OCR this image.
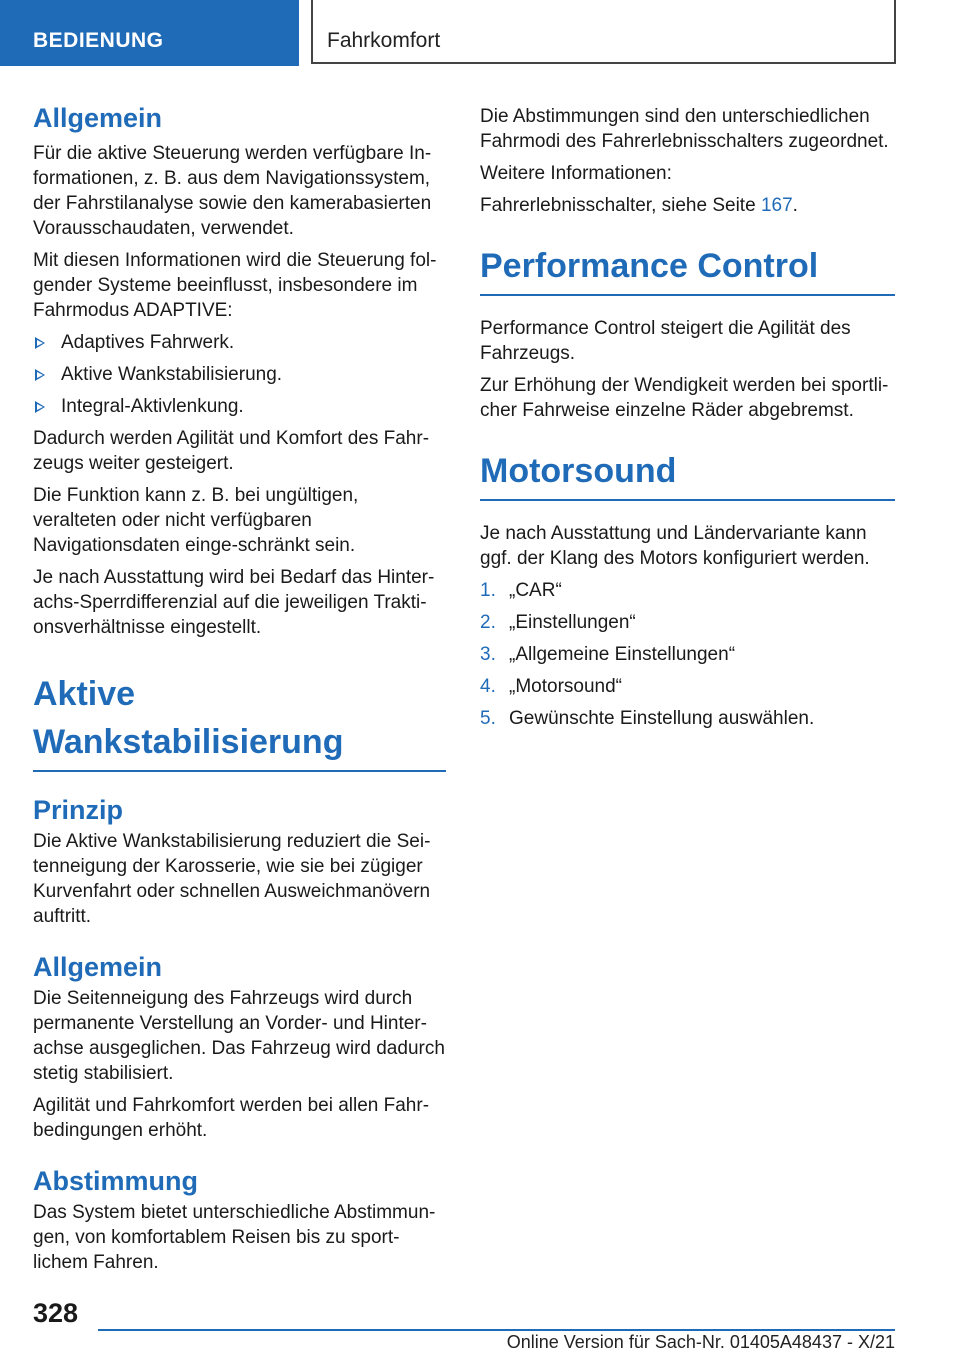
BEDIENUNG	Fahrkomfort
Allgemein

Für die aktive Steuerung werden verfügbare In-formationen, z. B. aus dem Navigationssystem, der Fahrstilanalyse sowie den kamerabasierten Vorausschaudaten, verwendet.

Mit diesen Informationen wird die Steuerung fol-gender Systeme beeinflusst, insbesondere im Fahrmodus ADAPTIVE:

Adaptives Fahrwerk.
Aktive Wankstabilisierung.
Integral-Aktivlenkung.

Dadurch werden Agilität und Komfort des Fahr-zeugs weiter gesteigert.

Die Funktion kann z. B. bei ungültigen, veralteten oder nicht verfügbaren Navigationsdaten einge-schränkt sein.

Je nach Ausstattung wird bei Bedarf das Hinter-achs-Sperrdifferenzial auf die jeweiligen Trakti-onsverhältnisse eingestellt.

Aktive Wankstabilisierung
Prinzip

Die Aktive Wankstabilisierung reduziert die Sei-tenneigung der Karosserie, wie sie bei zügiger Kurvenfahrt oder schnellen Ausweichmanövern auftritt.

Allgemein

Die Seitenneigung des Fahrzeugs wird durch permanente Verstellung an Vorder- und Hinter-achse ausgeglichen. Das Fahrzeug wird dadurch stetig stabilisiert.

Agilität und Fahrkomfort werden bei allen Fahr-bedingungen erhöht.

Abstimmung

Das System bietet unterschiedliche Abstimmun-gen, von komfortablem Reisen bis zu sport-lichem Fahren.

Die Abstimmungen sind den unterschiedlichen Fahrmodi des Fahrerlebnisschalters zugeordnet.

Weitere Informationen:

Fahrerlebnisschalter, siehe Seite 167.

Performance Control

Performance Control steigert die Agilität des Fahrzeugs.

Zur Erhöhung der Wendigkeit werden bei sportli-cher Fahrweise einzelne Räder abgebremst.

Motorsound

Je nach Ausstattung und Ländervariante kann ggf. der Klang des Motors konfiguriert werden.

1. „CAR“
2. „Einstellungen“
3. „Allgemeine Einstellungen“
4. „Motorsound“
5. Gewünschte Einstellung auswählen.
328
Online Version für Sach-Nr. 01405A48437 - X/21
